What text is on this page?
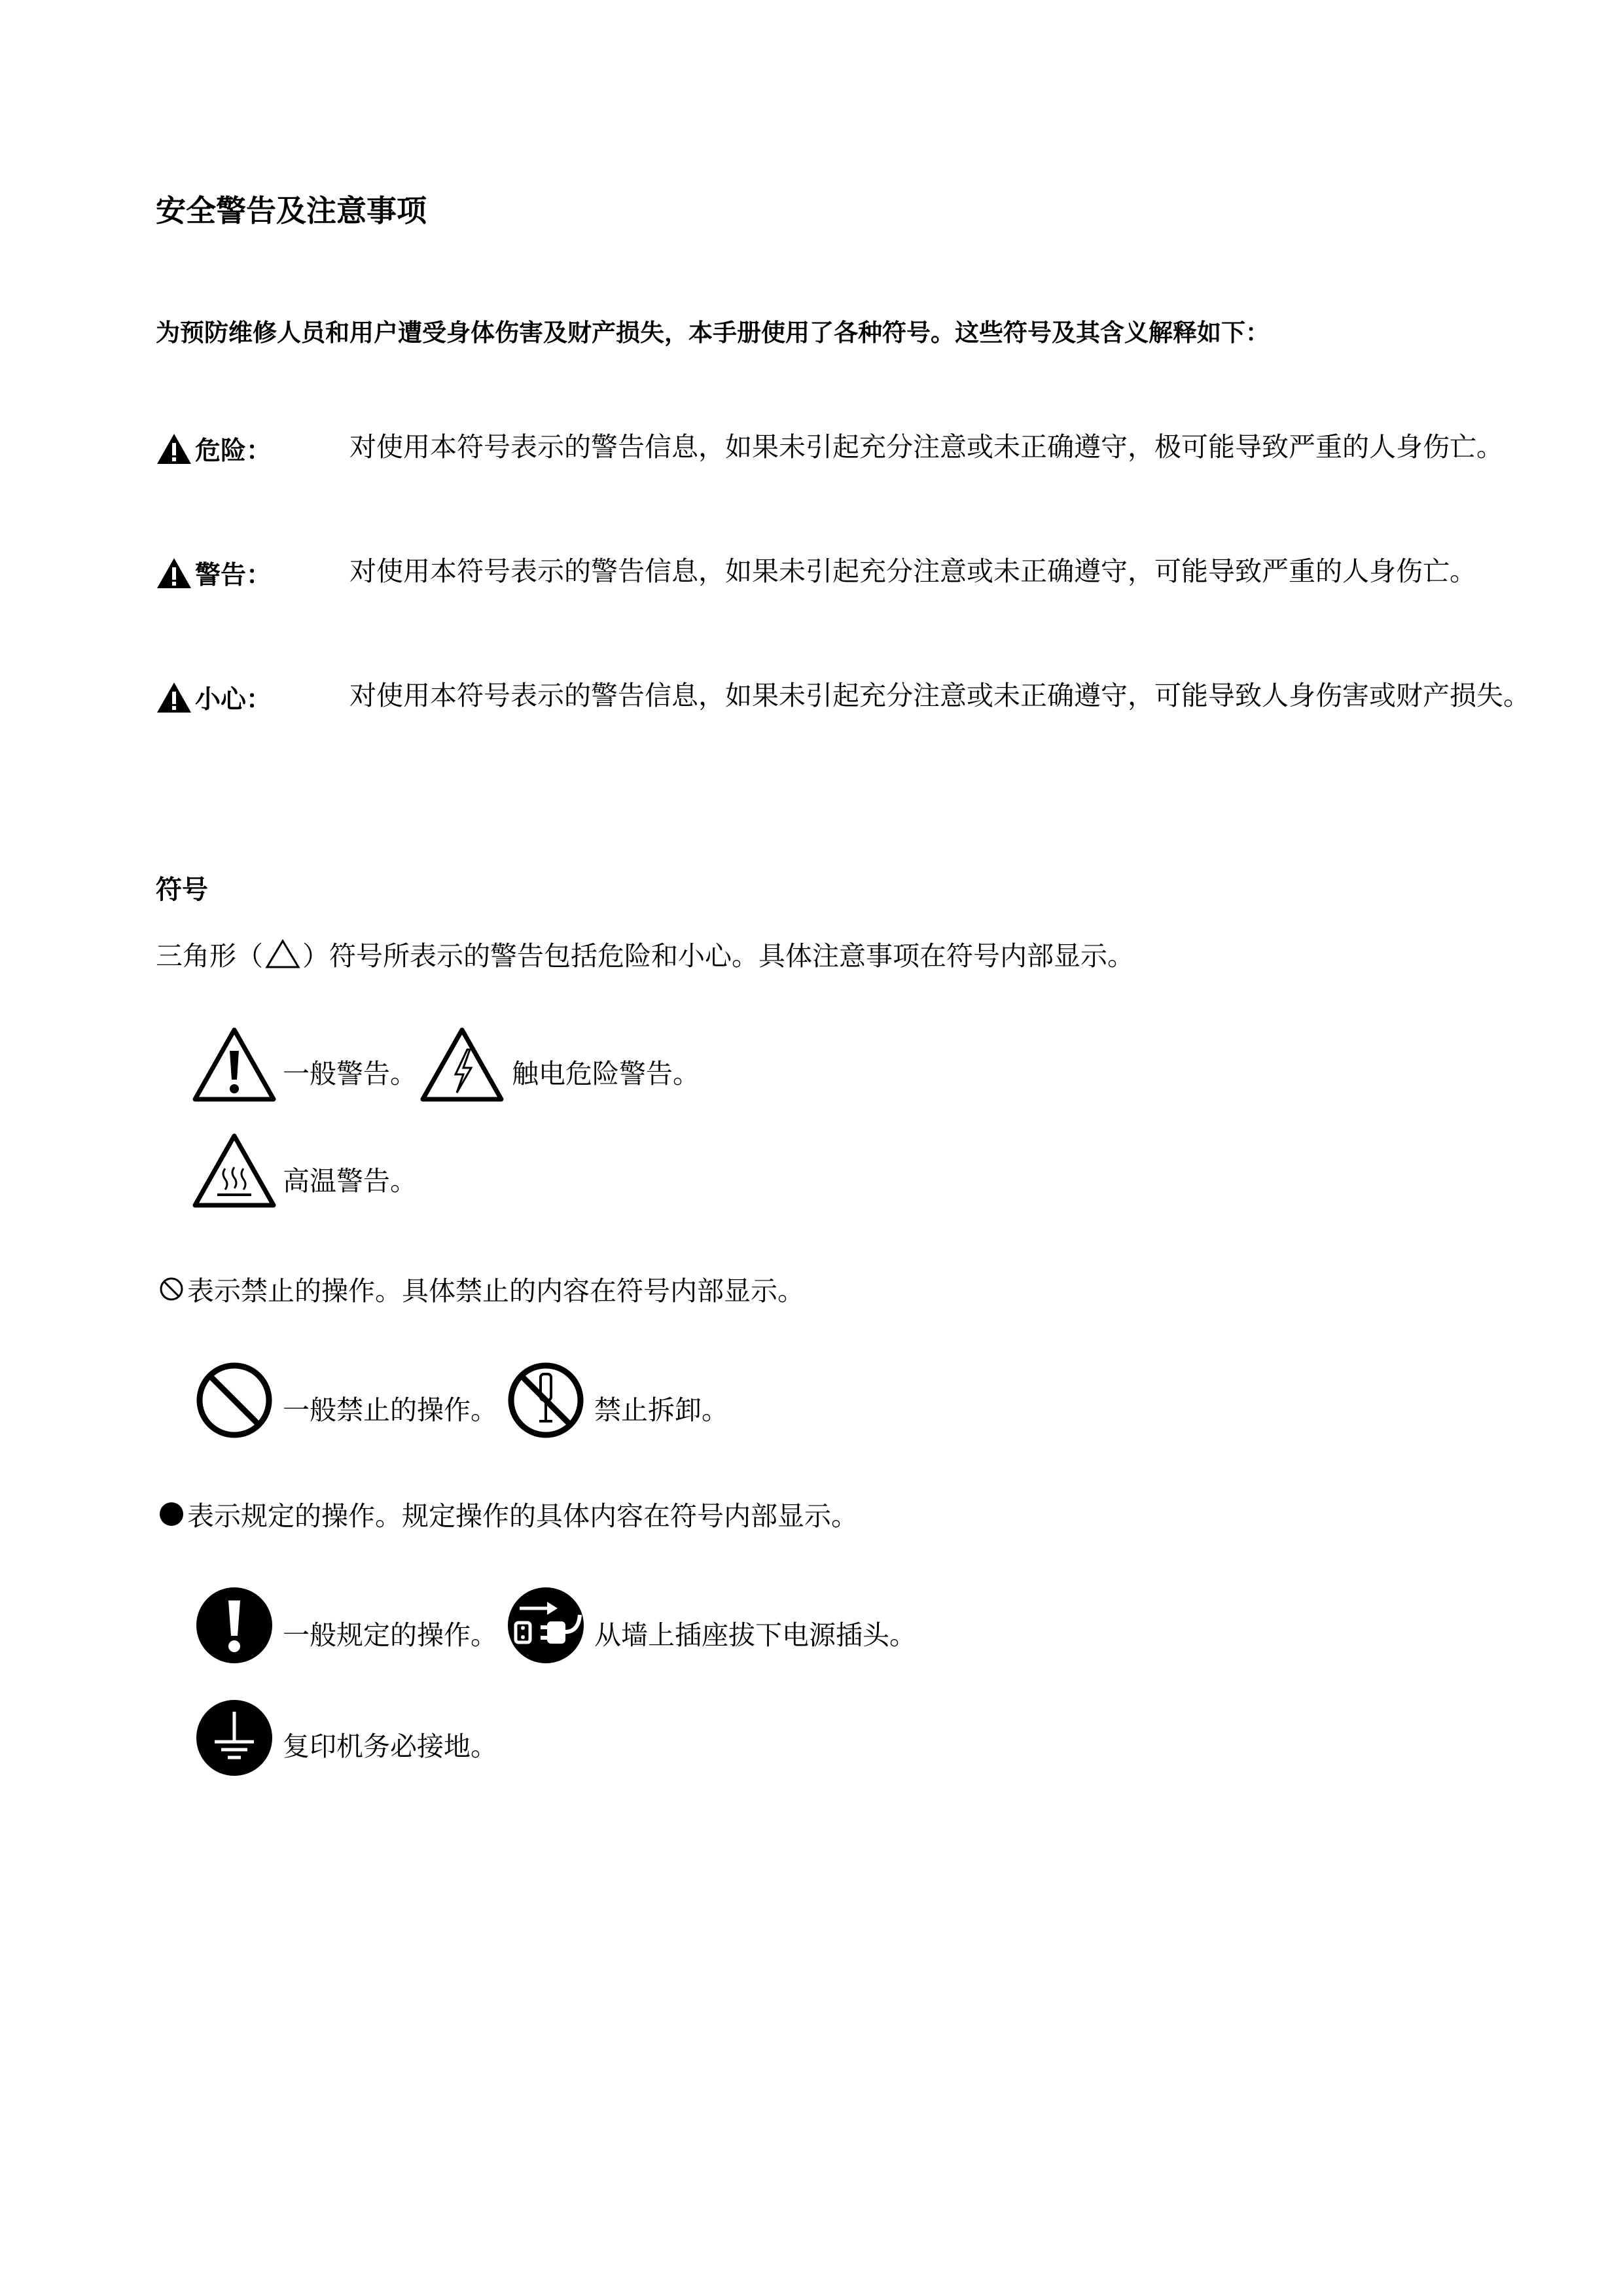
安全警告及注意事项
为预防维修人员和用户遭受身体伤害及财产损失，本手册使用了各种符号。这些符号及其含义解释如下：
危险：	对使用本符号表示的警告信息，如果未引起充分注意或未正确遵守，极可能导致严重的人身伤亡。
警告：	对使用本符号表示的警告信息，如果未引起充分注意或未正确遵守，可能导致严重的人身伤亡。
小心：	对使用本符号表示的警告信息，如果未引起充分注意或未正确遵守，可能导致人身伤害或财产损失。
符号
三角形（ ）符号所表示的警告包括危险和小心。具体注意事项在符号内部显示。
一般警告。	触电危险警告。
高温警告。
表示禁止的操作。具体禁止的内容在符号内部显示。
一般禁止的操作。	禁止拆卸。
表示规定的操作。规定操作的具体内容在符号内部显示。
一般规定的操作。	从墙上插座拔下电源插头。
复印机务必接地。
